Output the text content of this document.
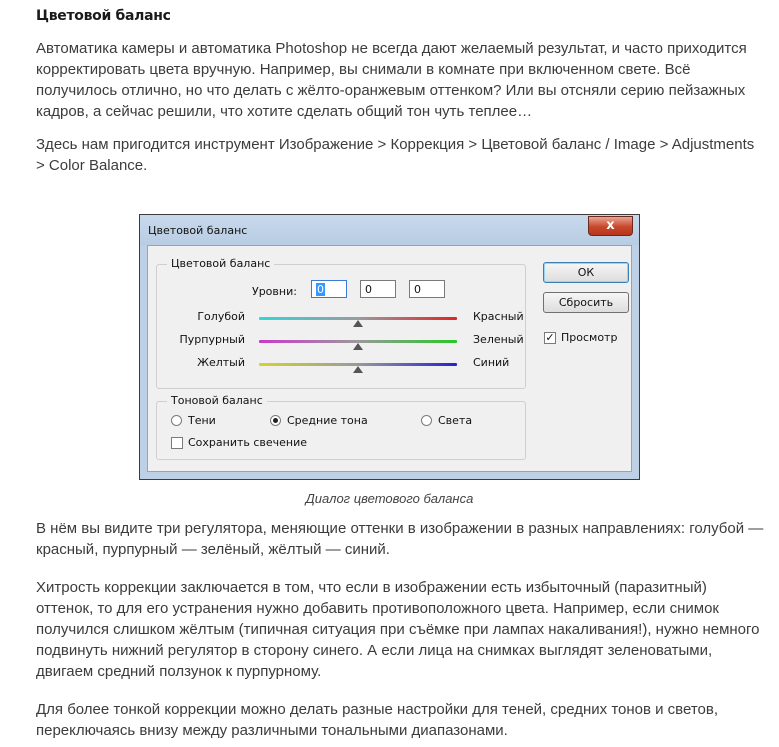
Цветовой баланс

Автоматика камеры и автоматика Photoshop не всегда дают желаемый результат, и часто приходится корректировать цвета вручную. Например, вы снимали в комнате при включенном свете. Всё получилось отлично, но что делать с жёлто-оранжевым оттенком? Или вы отсняли серию пейзажных кадров, а сейчас решили, что хотите сделать общий тон чуть теплее…

Здесь нам пригодится инструмент Изображение > Коррекция > Цветовой баланс / Image > Adjustments > Color Balance.

Цветовой баланс	x
Цветовой баланс
Уровни:	0	0	0
Голубой	Красный
Пурпурный	Зеленый
Желтый	Синий
Тоновой баланс
Тени	Средние тона	Света
Сохранить свечение
ОК
Сбросить
✓ Просмотр
Диалог цветового баланса

В нём вы видите три регулятора, меняющие оттенки в изображении в разных направлениях: голубой — красный, пурпурный — зелёный, жёлтый — синий.

Хитрость коррекции заключается в том, что если в изображении есть избыточный (паразитный) оттенок, то для его устранения нужно добавить противоположного цвета. Например, если снимок получился слишком жёлтым (типичная ситуация при съёмке при лампах накаливания!), нужно немного подвинуть нижний регулятор в сторону синего. А если лица на снимках выглядят зеленоватыми, двигаем средний ползунок к пурпурному.

Для более тонкой коррекции можно делать разные настройки для теней, средних тонов и светов, переключаясь внизу между различными тональными диапазонами.
